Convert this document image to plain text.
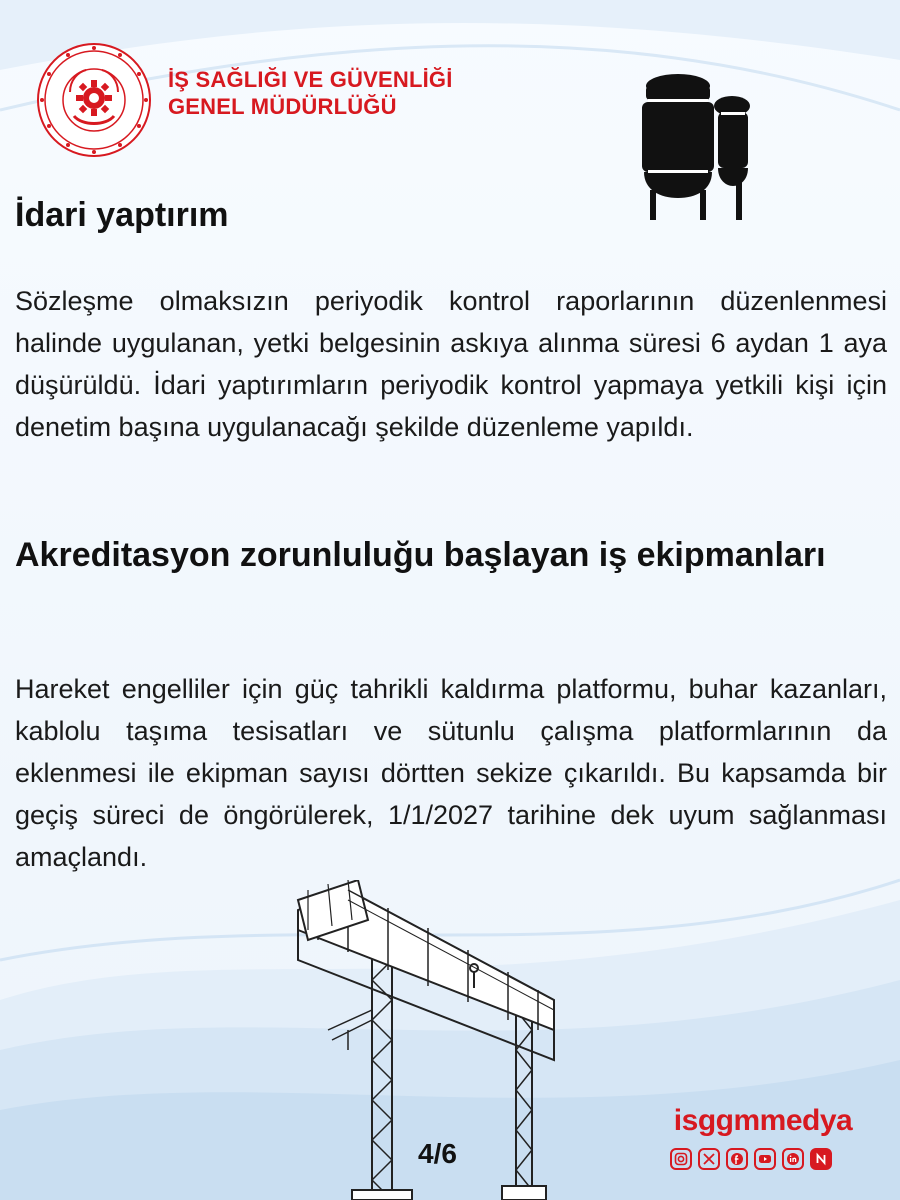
İŞ SAĞLIĞI VE GÜVENLİĞİ
GENEL MÜDÜRLÜĞÜ
İdari yaptırım

Sözleşme olmaksızın periyodik kontrol raporlarının düzenlenmesi halinde uygulanan, yetki belgesinin askıya alınma süresi 6 aydan 1 aya düşürüldü. İdari yaptırımların periyodik kontrol yapmaya yetkili kişi için denetim başına uygulanacağı şekilde düzenleme yapıldı.

Akreditasyon zorunluluğu başlayan iş ekipmanları

Hareket engelliler için güç tahrikli kaldırma platformu, buhar kazanları, kablolu taşıma tesisatları ve sütunlu çalışma platformlarının da eklenmesi ile ekipman sayısı dörtten sekize çıkarıldı. Bu kapsamda bir geçiş süreci de öngörülerek, 1/1/2027 tarihine dek uyum sağlanması amaçlandı.

4/6
isggmmedya
